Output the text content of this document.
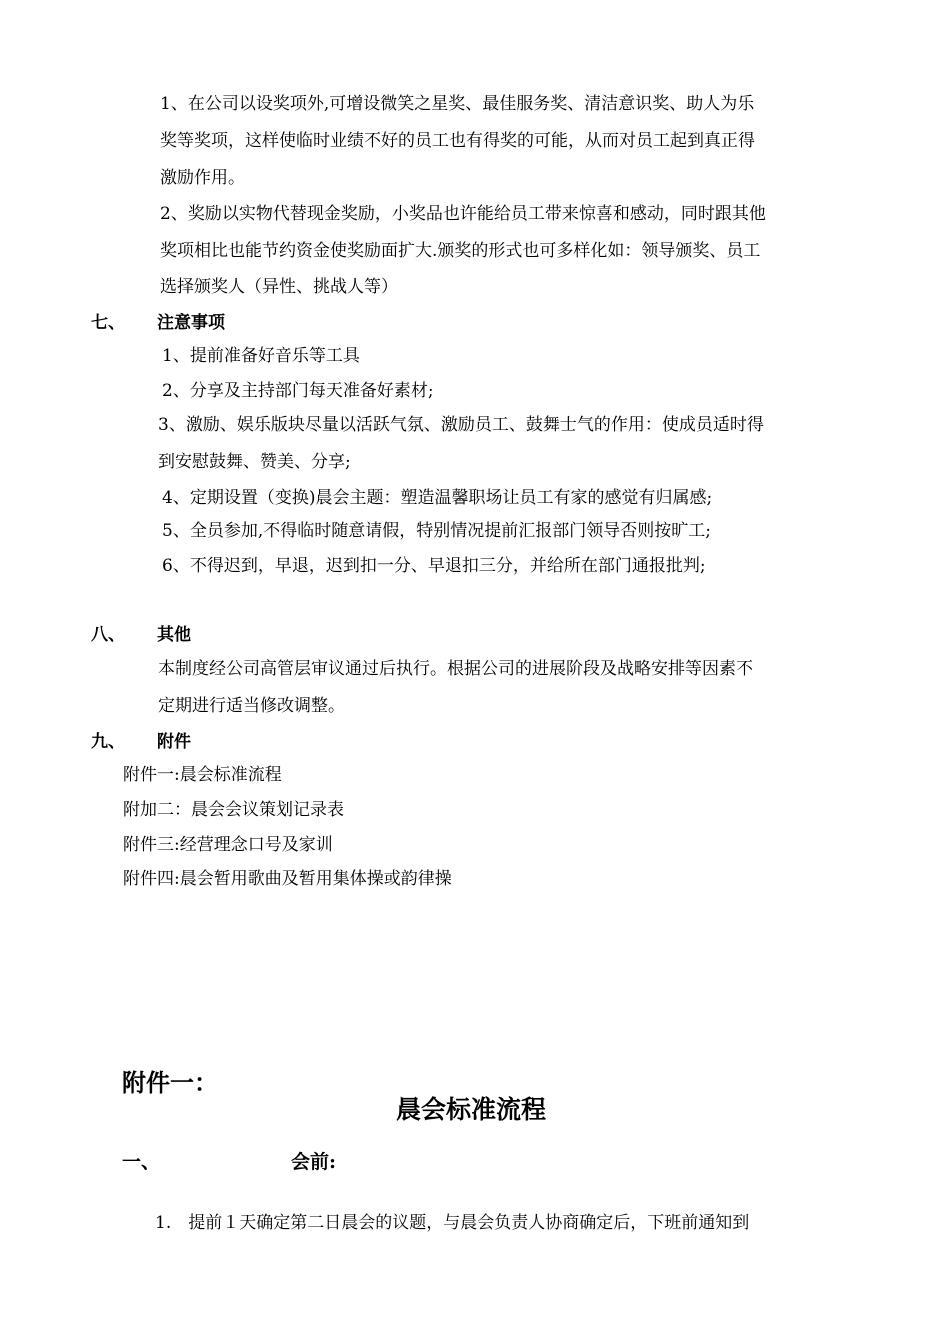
1、在公司以设奖项外,可增设微笑之星奖、最佳服务奖、清洁意识奖、助人为乐
奖等奖项，这样使临时业绩不好的员工也有得奖的可能，从而对员工起到真正得
激励作用。
2、奖励以实物代替现金奖励，小奖品也许能给员工带来惊喜和感动，同时跟其他
奖项相比也能节约资金使奖励面扩大.颁奖的形式也可多样化如：领导颁奖、员工
选择颁奖人（异性、挑战人等）
七、 注意事项
1、提前准备好音乐等工具
2、分享及主持部门每天准备好素材;
3、激励、娱乐版块尽量以活跃气氛、激励员工、鼓舞士气的作用：使成员适时得
到安慰鼓舞、赞美、分享;
4、定期设置（变换)晨会主题：塑造温馨职场让员工有家的感觉有归属感;
5、全员参加,不得临时随意请假，特别情况提前汇报部门领导否则按旷工;
6、不得迟到，早退，迟到扣一分、早退扣三分，并给所在部门通报批判;
八、 其他
本制度经公司高管层审议通过后执行。根据公司的进展阶段及战略安排等因素不
定期进行适当修改调整。
九、 附件
附件一:晨会标准流程
附加二：晨会会议策划记录表
附件三:经营理念口号及家训
附件四:晨会暂用歌曲及暂用集体操或韵律操
附件一：
晨会标准流程
一、	会前:
1.　提前１天确定第二日晨会的议题，与晨会负责人协商确定后，下班前通知到
